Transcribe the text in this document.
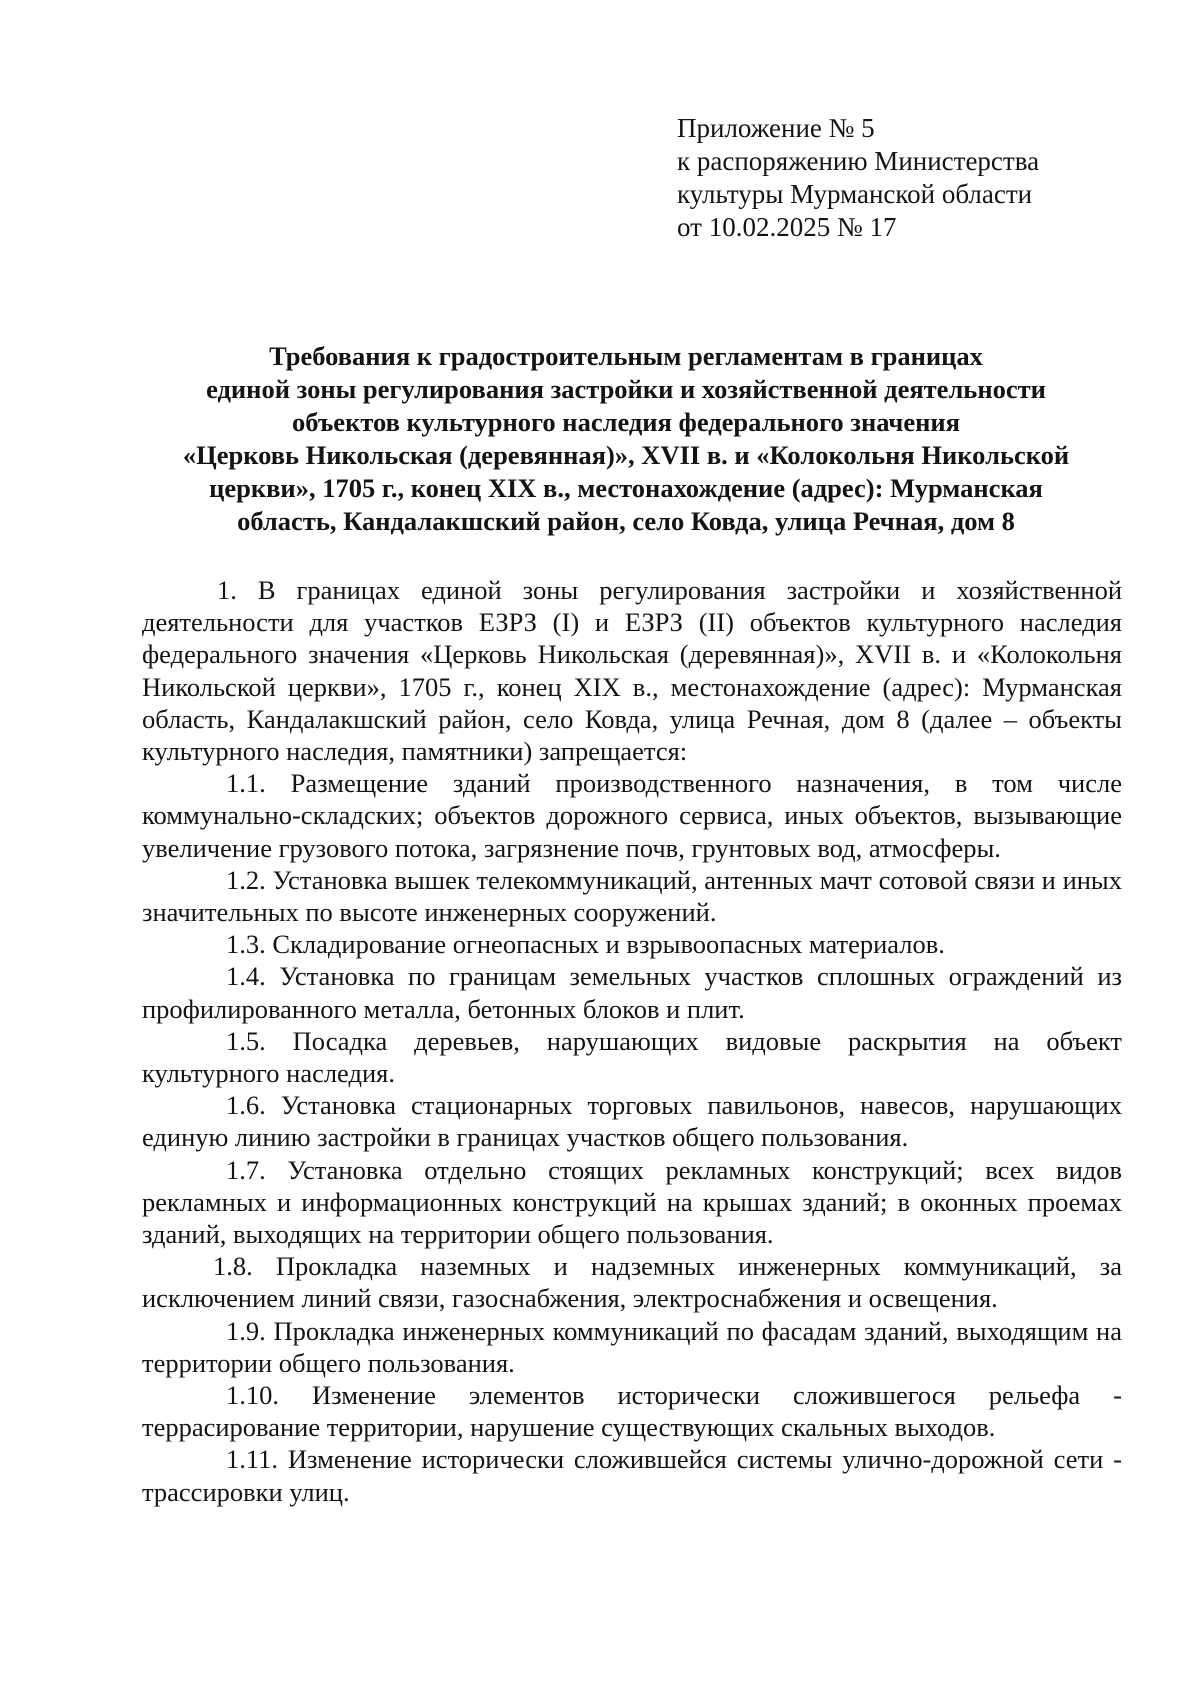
Приложение № 5
к распоряжению Министерства
культуры Мурманской области
от 10.02.2025 № 17
Требования к градостроительным регламентам в границах
единой зоны регулирования застройки и хозяйственной деятельности
объектов культурного наследия федерального значения
«Церковь Никольская (деревянная)», XVII в. и «Колокольня Никольской
церкви», 1705 г., конец XIX в., местонахождение (адрес): Мурманская
область, Кандалакшский район, село Ковда, улица Речная, дом 8

1. В границах единой зоны регулирования застройки и хозяйственной деятельности для участков ЕЗРЗ (I) и ЕЗРЗ (II) объектов культурного наследия федерального значения «Церковь Никольская (деревянная)», XVII в. и «Колокольня Никольской церкви», 1705 г., конец XIX в., местонахождение (адрес): Мурманская область, Кандалакшский район, село Ковда, улица Речная, дом 8 (далее – объекты культурного наследия, памятники) запрещается:

1.1. Размещение зданий производственного назначения, в том числе коммунально-складских; объектов дорожного сервиса, иных объектов, вызывающие увеличение грузового потока, загрязнение почв, грунтовых вод, атмосферы.

1.2. Установка вышек телекоммуникаций, антенных мачт сотовой связи и иных значительных по высоте инженерных сооружений.

1.3. Складирование огнеопасных и взрывоопасных материалов.

1.4. Установка по границам земельных участков сплошных ограждений из профилированного металла, бетонных блоков и плит.

1.5. Посадка деревьев, нарушающих видовые раскрытия на объект культурного наследия.

1.6. Установка стационарных торговых павильонов, навесов, нарушающих единую линию застройки в границах участков общего пользования.

1.7. Установка отдельно стоящих рекламных конструкций; всех видов рекламных и информационных конструкций на крышах зданий; в оконных проемах зданий, выходящих на территории общего пользования.

1.8. Прокладка наземных и надземных инженерных коммуникаций, за исключением линий связи, газоснабжения, электроснабжения и освещения.

1.9. Прокладка инженерных коммуникаций по фасадам зданий, выходящим на территории общего пользования.

1.10. Изменение элементов исторически сложившегося рельефа - террасирование территории, нарушение существующих скальных выходов.

1.11. Изменение исторически сложившейся системы улично-дорожной сети - трассировки улиц.
